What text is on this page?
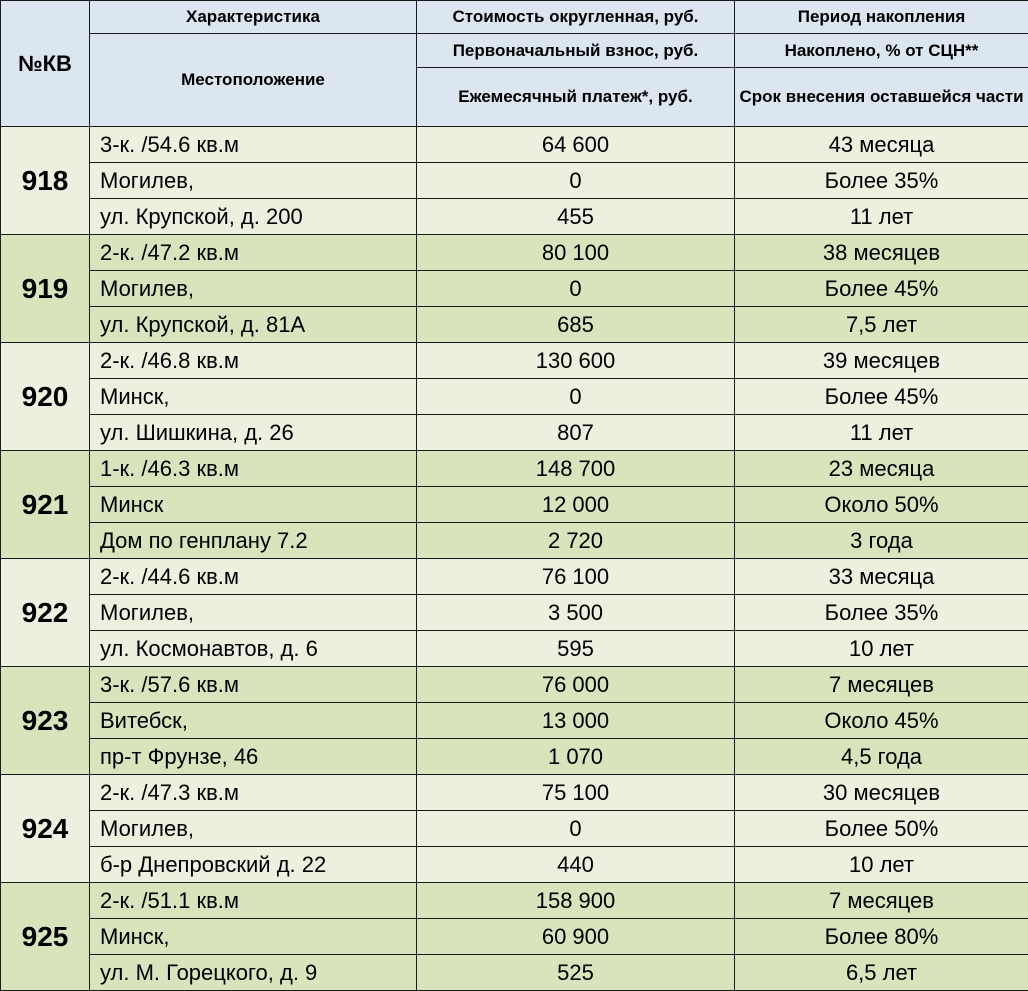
№КВ	Характеристика	Стоимость округленная, руб.	Период накопления
	Местоположение	Первоначальный взнос, руб.	Накоплено, % от СЦН**
		Ежемесячный платеж*, руб.	Срок внесения оставшейся части
918	3-к. /54.6 кв.м	64 600	43 месяца
	Могилев,	0	Более 35%
	ул. Крупской, д. 200	455	11 лет
919	2-к. /47.2 кв.м	80 100	38 месяцев
	Могилев,	0	Более 45%
	ул. Крупской, д. 81А	685	7,5 лет
920	2-к. /46.8 кв.м	130 600	39 месяцев
	Минск,	0	Более 45%
	ул. Шишкина, д. 26	807	11 лет
921	1-к. /46.3 кв.м	148 700	23 месяца
	Минск	12 000	Около 50%
	Дом по генплану 7.2	2 720	3 года
922	2-к. /44.6 кв.м	76 100	33 месяца
	Могилев,	3 500	Более 35%
	ул. Космонавтов, д. 6	595	10 лет
923	3-к. /57.6 кв.м	76 000	7 месяцев
	Витебск,	13 000	Около 45%
	пр-т Фрунзе, 46	1 070	4,5 года
924	2-к. /47.3 кв.м	75 100	30 месяцев
	Могилев,	0	Более 50%
	б-р Днепровский д. 22	440	10 лет
925	2-к. /51.1 кв.м	158 900	7 месяцев
	Минск,	60 900	Более 80%
	ул. М. Горецкого, д. 9	525	6,5 лет
